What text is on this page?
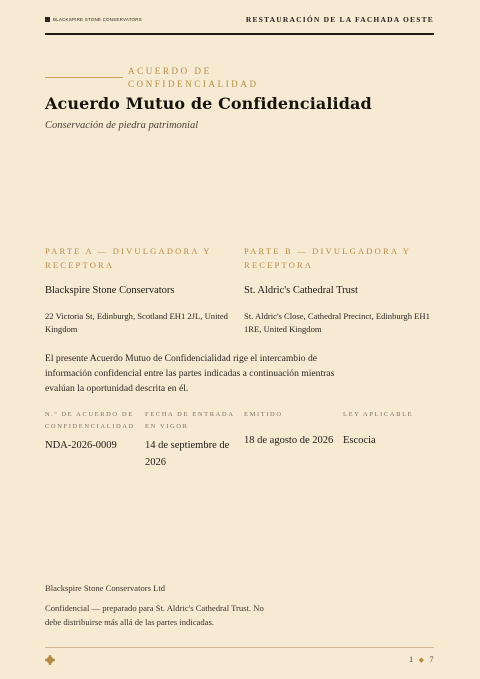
BLACKSPIRE STONE CONSERVATORS	RESTAURACIÓN DE LA FACHADA OESTE
ACUERDO DE CONFIDENCIALIDAD
Acuerdo Mutuo de Confidencialidad
Conservación de piedra patrimonial
PARTE A — DIVULGADORA Y RECEPTORA
Blackspire Stone Conservators
22 Victoria St, Edinburgh, Scotland EH1 2JL, United Kingdom
PARTE B — DIVULGADORA Y RECEPTORA
St. Aldric's Cathedral Trust
St. Aldric's Close, Cathedral Precinct, Edinburgh EH1 1RE, United Kingdom
El presente Acuerdo Mutuo de Confidencialidad rige el intercambio de información confidencial entre las partes indicadas a continuación mientras evalúan la oportunidad descrita en él.
N.º DE ACUERDO DE CONFIDENCIALIDAD
NDA-2026-0009
FECHA DE ENTRADA EN VIGOR
14 de septiembre de 2026
EMITIDO
18 de agosto de 2026
LEY APLICABLE
Escocia
Blackspire Stone Conservators Ltd
Confidencial — preparado para St. Aldric's Cathedral Trust. No debe distribuirse más allá de las partes indicadas.
1 ◆ 7
